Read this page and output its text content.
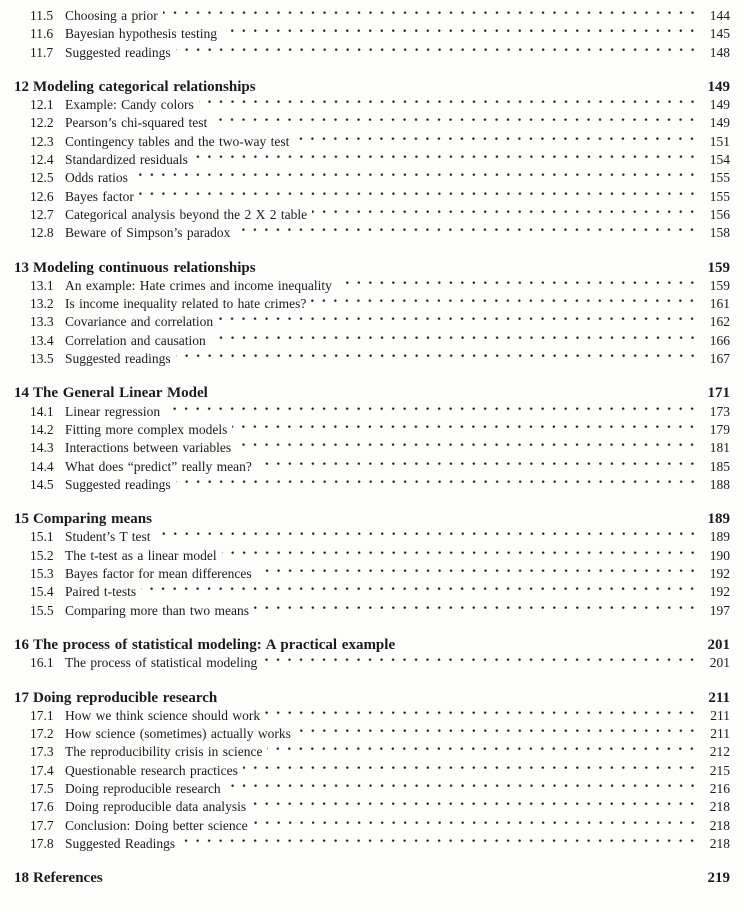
11.5 Choosing a prior	144
11.6 Bayesian hypothesis testing	145
11.7 Suggested readings	148
12 Modeling categorical relationships	149
12.1 Example: Candy colors	149
12.2 Pearson’s chi-squared test	149
12.3 Contingency tables and the two-way test	151
12.4 Standardized residuals	154
12.5 Odds ratios	155
12.6 Bayes factor	155
12.7 Categorical analysis beyond the 2 X 2 table	156
12.8 Beware of Simpson’s paradox	158
13 Modeling continuous relationships	159
13.1 An example: Hate crimes and income inequality	159
13.2 Is income inequality related to hate crimes?	161
13.3 Covariance and correlation	162
13.4 Correlation and causation	166
13.5 Suggested readings	167
14 The General Linear Model	171
14.1 Linear regression	173
14.2 Fitting more complex models	179
14.3 Interactions between variables	181
14.4 What does “predict” really mean?	185
14.5 Suggested readings	188
15 Comparing means	189
15.1 Student’s T test	189
15.2 The t-test as a linear model	190
15.3 Bayes factor for mean differences	192
15.4 Paired t-tests	192
15.5 Comparing more than two means	197
16 The process of statistical modeling: A practical example	201
16.1 The process of statistical modeling	201
17 Doing reproducible research	211
17.1 How we think science should work	211
17.2 How science (sometimes) actually works	211
17.3 The reproducibility crisis in science	212
17.4 Questionable research practices	215
17.5 Doing reproducible research	216
17.6 Doing reproducible data analysis	218
17.7 Conclusion: Doing better science	218
17.8 Suggested Readings	218
18 References	219
